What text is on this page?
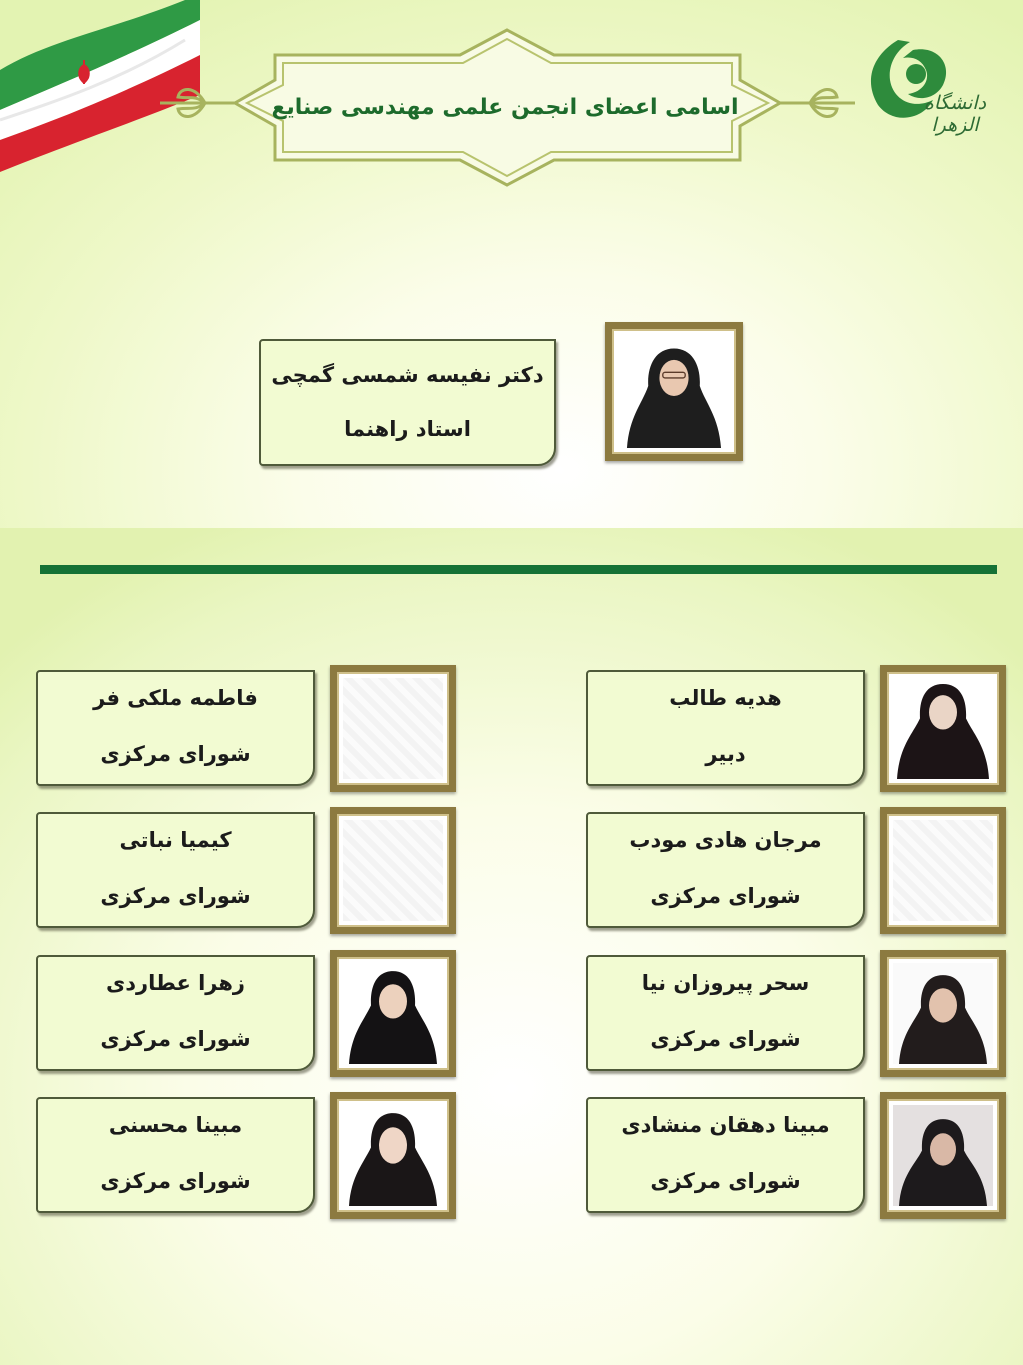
دانشگاه الزهرا
اسامی اعضای انجمن علمی مهندسی صنایع
دکتر نفیسه شمسی گمچی
استاد راهنما
هدیه طالب
دبیر
فاطمه ملکی فر
شورای مرکزی
مرجان هادی مودب
شورای مرکزی
کیمیا نباتی
شورای مرکزی
سحر پیروزان نیا
شورای مرکزی
زهرا عطاردی
شورای مرکزی
مبینا دهقان منشادی
شورای مرکزی
مبینا محسنی
شورای مرکزی
